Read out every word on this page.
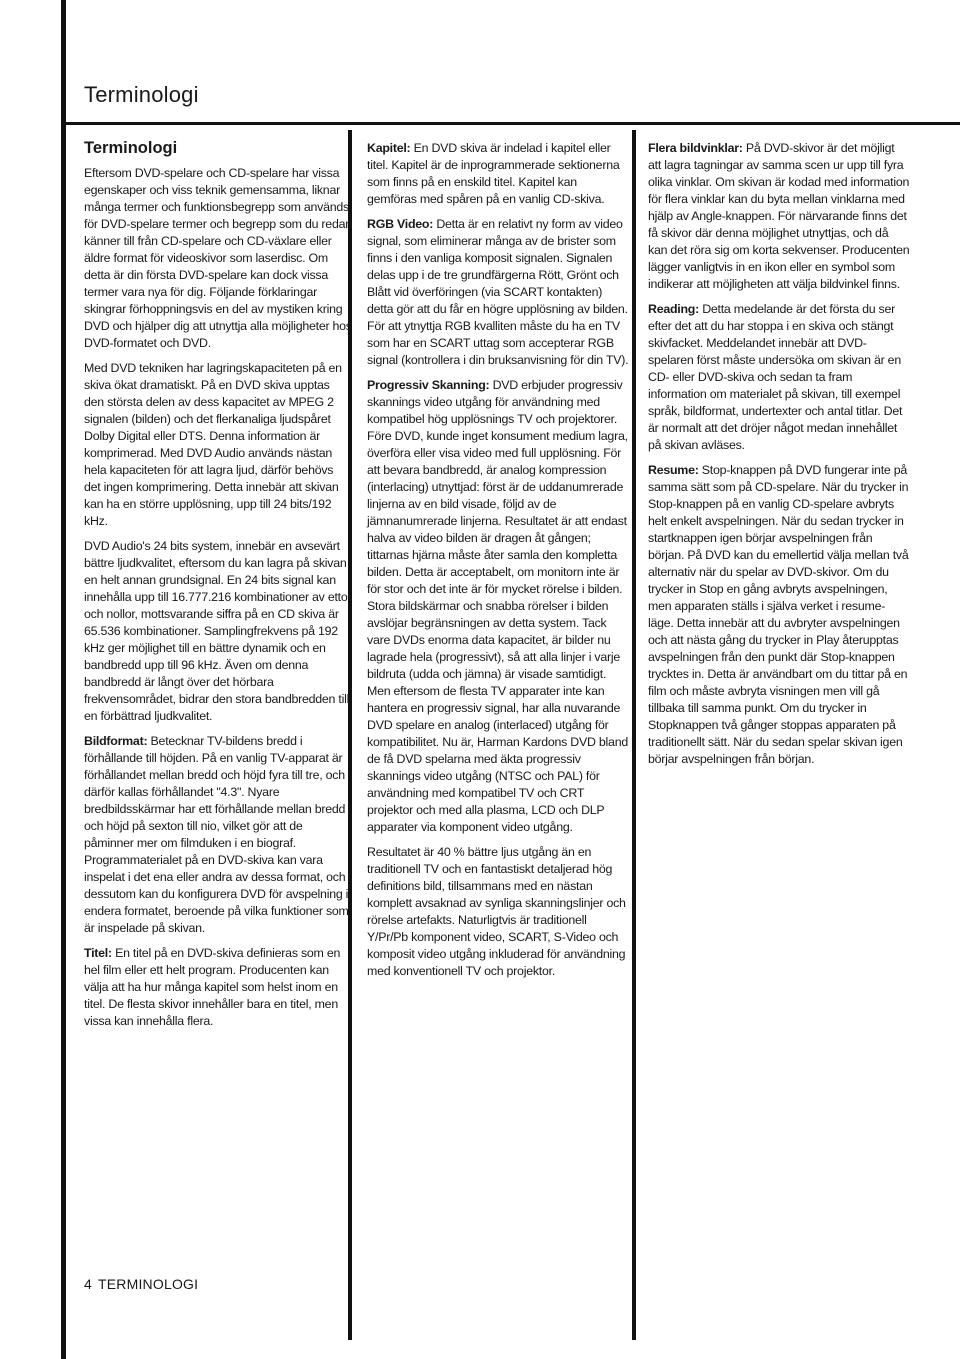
Terminologi
Terminologi

Eftersom DVD-spelare och CD-spelare har vissa egenskaper och viss teknik gemensamma, liknar många termer och funktionsbegrepp som används för DVD-spelare termer och begrepp som du redan känner till från CD-spelare och CD-växlare eller äldre format för videoskivor som laserdisc. Om detta är din första DVD-spelare kan dock vissa termer vara nya för dig. Följande förklaringar skingrar förhoppningsvis en del av mystiken kring DVD och hjälper dig att utnyttja alla möjligheter hos DVD-formatet och DVD.

Med DVD tekniken har lagringskapaciteten på en skiva ökat dramatiskt. På en DVD skiva upptas den största delen av dess kapacitet av MPEG 2 signalen (bilden) och det flerkanaliga ljudspåret Dolby Digital eller DTS. Denna information är komprimerad. Med DVD Audio används nästan hela kapaciteten för att lagra ljud, därför behövs det ingen komprimering. Detta innebär att skivan kan ha en större upplösning, upp till 24 bits/192 kHz.

DVD Audio's 24 bits system, innebär en avsevärt bättre ljudkvalitet, eftersom du kan lagra på skivan en helt annan grundsignal. En 24 bits signal kan innehålla upp till 16.777.216 kombinationer av ettor och nollor, mottsvarande siffra på en CD skiva är 65.536 kombinationer. Samplingfrekvens på 192 kHz ger möjlighet till en bättre dynamik och en bandbredd upp till 96 kHz. Även om denna bandbredd är långt över det hörbara frekvensområdet, bidrar den stora bandbredden till en förbättrad ljudkvalitet.

Bildformat: Betecknar TV-bildens bredd i förhållande till höjden. På en vanlig TV-apparat är förhållandet mellan bredd och höjd fyra till tre, och därför kallas förhållandet "4.3". Nyare bredbildsskärmar har ett förhållande mellan bredd och höjd på sexton till nio, vilket gör att de påminner mer om filmduken i en biograf. Programmaterialet på en DVD-skiva kan vara inspelat i det ena eller andra av dessa format, och dessutom kan du konfigurera DVD för avspelning i endera formatet, beroende på vilka funktioner som är inspelade på skivan.

Titel: En titel på en DVD-skiva definieras som en hel film eller ett helt program. Producenten kan välja att ha hur många kapitel som helst inom en titel. De flesta skivor innehåller bara en titel, men vissa kan innehålla flera.

Kapitel: En DVD skiva är indelad i kapitel eller titel. Kapitel är de inprogrammerade sektionerna som finns på en enskild titel. Kapitel kan gemföras med spåren på en vanlig CD-skiva.

RGB Video: Detta är en relativt ny form av video signal, som eliminerar många av de brister som finns i den vanliga komposit signalen. Signalen delas upp i de tre grundfärgerna Rött, Grönt och Blått vid överföringen (via SCART kontakten) detta gör att du får en högre upplösning av bilden. För att ytnyttja RGB kvalliten måste du ha en TV som har en SCART uttag som accepterar RGB signal (kontrollera i din bruksanvisning för din TV).

Progressiv Skanning: DVD erbjuder progressiv skannings video utgång för användning med kompatibel hög upplösnings TV och projektorer. Före DVD, kunde inget konsument medium lagra, överföra eller visa video med full upplösning. För att bevara bandbredd, är analog kompression (interlacing) utnyttjad: först är de uddanumrerade linjerna av en bild visade, följd av de jämnanumrerade linjerna. Resultatet är att endast halva av video bilden är dragen åt gången; tittarnas hjärna måste åter samla den kompletta bilden. Detta är acceptabelt, om monitorn inte är för stor och det inte är för mycket rörelse i bilden. Stora bildskärmar och snabba rörelser i bilden avslöjar begränsningen av detta system. Tack vare DVDs enorma data kapacitet, är bilder nu lagrade hela (progressivt), så att alla linjer i varje bildruta (udda och jämna) är visade samtidigt. Men eftersom de flesta TV apparater inte kan hantera en progressiv signal, har alla nuvarande DVD spelare en analog (interlaced) utgång för kompatibilitet. Nu är, Harman Kardons DVD bland de få DVD spelarna med äkta progressiv skannings video utgång (NTSC och PAL) för användning med kompatibel TV och CRT projektor och med alla plasma, LCD och DLP apparater via komponent video utgång.

Resultatet är 40 % bättre ljus utgång än en traditionell TV och en fantastiskt detaljerad hög definitions bild, tillsammans med en nästan komplett avsaknad av synliga skanningslinjer och rörelse artefakts. Naturligtvis är traditionell Y/Pr/Pb komponent video, SCART, S-Video och komposit video utgång inkluderad för användning med konventionell TV och projektor.

Flera bildvinklar: På DVD-skivor är det möjligt att lagra tagningar av samma scen ur upp till fyra olika vinklar. Om skivan är kodad med information för flera vinklar kan du byta mellan vinklarna med hjälp av Angle-knappen. För närvarande finns det få skivor där denna möjlighet utnyttjas, och då kan det röra sig om korta sekvenser. Producenten lägger vanligtvis in en ikon eller en symbol som indikerar att möjligheten att välja bildvinkel finns.

Reading: Detta medelande är det första du ser efter det att du har stoppa i en skiva och stängt skivfacket. Meddelandet innebär att DVD-spelaren först måste undersöka om skivan är en CD- eller DVD-skiva och sedan ta fram information om materialet på skivan, till exempel språk, bildformat, undertexter och antal titlar. Det är normalt att det dröjer något medan innehållet på skivan avläses.

Resume: Stop-knappen på DVD fungerar inte på samma sätt som på CD-spelare. När du trycker in Stop-knappen på en vanlig CD-spelare avbryts helt enkelt avspelningen. När du sedan trycker in startknappen igen börjar avspelningen från början. På DVD kan du emellertid välja mellan två alternativ när du spelar av DVD-skivor. Om du trycker in Stop en gång avbryts avspelningen, men apparaten ställs i själva verket i resume-läge. Detta innebär att du avbryter avspelningen och att nästa gång du trycker in Play återupptas avspelningen från den punkt där Stop-knappen trycktes in. Detta är användbart om du tittar på en film och måste avbryta visningen men vill gå tillbaka till samma punkt. Om du trycker in Stopknappen två gånger stoppas apparaten på traditionellt sätt. När du sedan spelar skivan igen börjar avspelningen från början.

4 TERMINOLOGI
